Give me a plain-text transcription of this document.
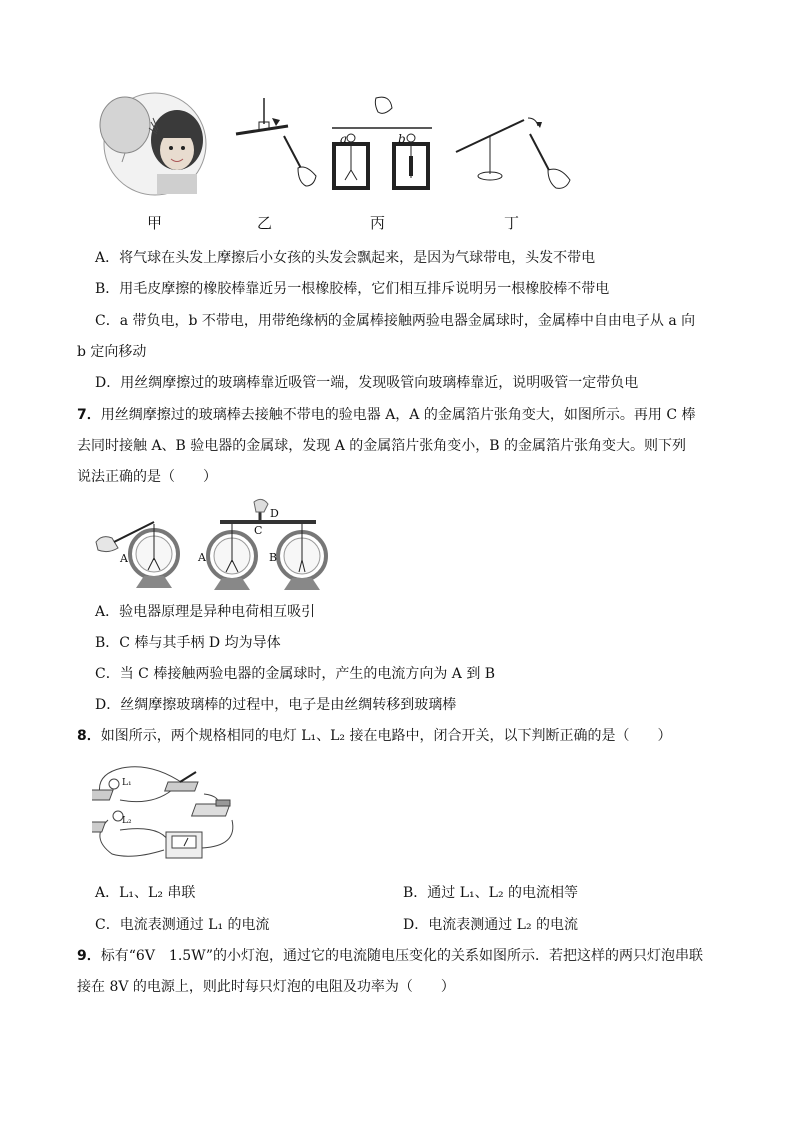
a	b
甲	乙	丙	丁
A．将气球在头发上摩擦后小女孩的头发会飘起来，是因为气球带电，头发不带电
B．用毛皮摩擦的橡胶棒靠近另一根橡胶棒，它们相互排斥说明另一根橡胶棒不带电
C．a 带负电，b 不带电，用带绝缘柄的金属棒接触两验电器金属球时，金属棒中自由电子从 a 向
b 定向移动
D．用丝绸摩擦过的玻璃棒靠近吸管一端，发现吸管向玻璃棒靠近，说明吸管一定带负电
7．用丝绸摩擦过的玻璃棒去接触不带电的验电器 A，A 的金属箔片张角变大，如图所示。再用 C 棒
去同时接触 A、B 验电器的金属球，发现 A 的金属箔片张角变小，B 的金属箔片张角变大。则下列
说法正确的是（　　）
A	A	B
C
D
A．验电器原理是异种电荷相互吸引
B．C 棒与其手柄 D 均为导体
C．当 C 棒接触两验电器的金属球时，产生的电流方向为 A 到 B
D．丝绸摩擦玻璃棒的过程中，电子是由丝绸转移到玻璃棒
8．如图所示，两个规格相同的电灯 L₁、L₂ 接在电路中，闭合开关，以下判断正确的是（　　）
L₁
L₂
A．L₁、L₂ 串联	B．通过 L₁、L₂ 的电流相等
C．电流表测通过 L₁ 的电流	D．电流表测通过 L₂ 的电流
9．标有“6V　1.5W”的小灯泡，通过它的电流随电压变化的关系如图所示．若把这样的两只灯泡串联
接在 8V 的电源上，则此时每只灯泡的电阻及功率为（　　）
